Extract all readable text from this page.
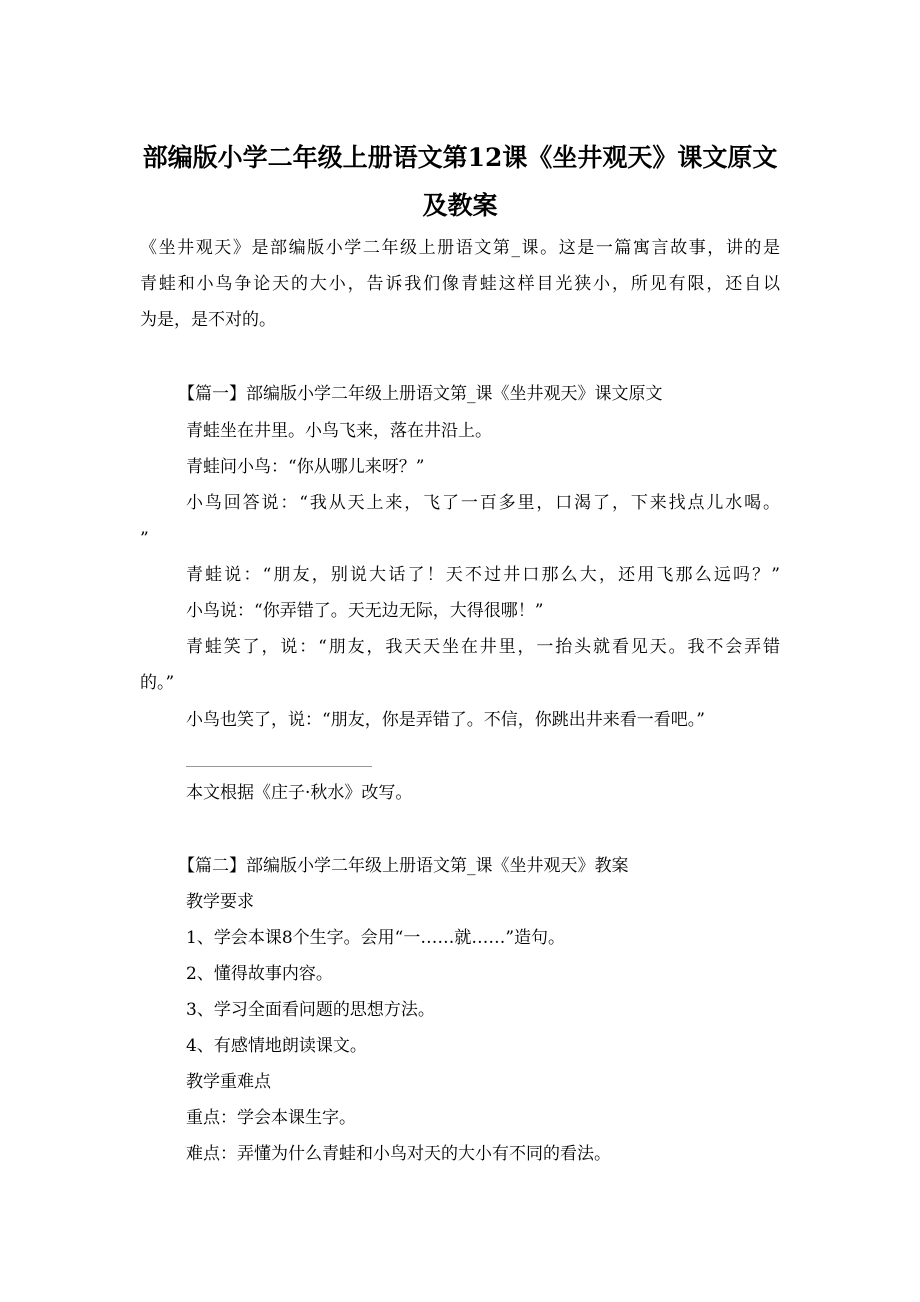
部编版小学二年级上册语文第12课《坐井观天》课文原文
及教案
《坐井观天》是部编版小学二年级上册语文第_课。这是一篇寓言故事，讲的是
青蛙和小鸟争论天的大小，告诉我们像青蛙这样目光狭小，所见有限，还自以
为是，是不对的。
【篇一】部编版小学二年级上册语文第_课《坐井观天》课文原文
青蛙坐在井里。小鸟飞来，落在井沿上。
青蛙问小鸟：“你从哪儿来呀？”
小鸟回答说：“我从天上来，飞了一百多里，口渴了，下来找点儿水喝。
”
青蛙说：“朋友，别说大话了！天不过井口那么大，还用飞那么远吗？”
小鸟说：“你弄错了。天无边无际，大得很哪！”
青蛙笑了，说：“朋友，我天天坐在井里，一抬头就看见天。我不会弄错
的。”
小鸟也笑了，说：“朋友，你是弄错了。不信，你跳出井来看一看吧。”
本文根据《庄子·秋水》改写。
【篇二】部编版小学二年级上册语文第_课《坐井观天》教案
教学要求
1、学会本课8个生字。会用“一……就……”造句。
2、懂得故事内容。
3、学习全面看问题的思想方法。
4、有感情地朗读课文。
教学重难点
重点：学会本课生字。
难点：弄懂为什么青蛙和小鸟对天的大小有不同的看法。
